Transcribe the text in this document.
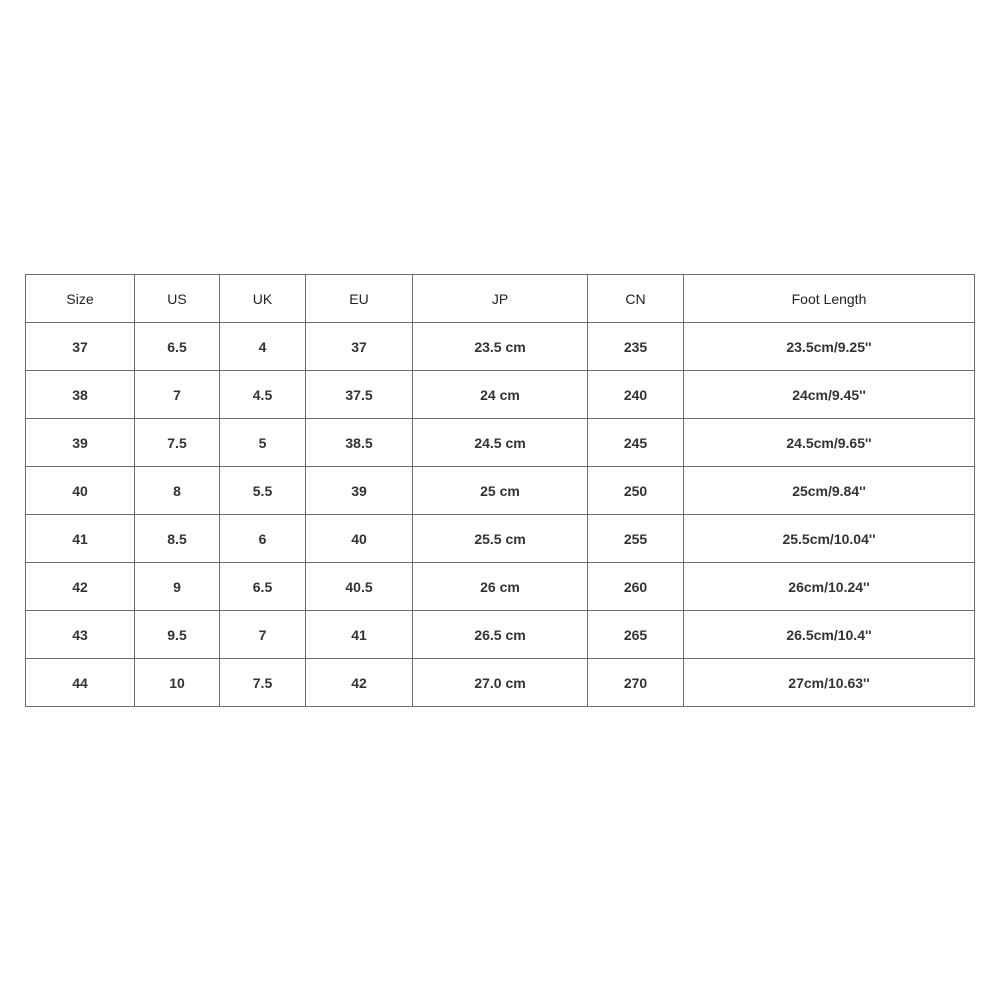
Size	US	UK	EU	JP	CN	Foot Length
37	6.5	4	37	23.5 cm	235	23.5cm/9.25''
38	7	4.5	37.5	24 cm	240	24cm/9.45''
39	7.5	5	38.5	24.5 cm	245	24.5cm/9.65''
40	8	5.5	39	25 cm	250	25cm/9.84''
41	8.5	6	40	25.5 cm	255	25.5cm/10.04''
42	9	6.5	40.5	26 cm	260	26cm/10.24''
43	9.5	7	41	26.5 cm	265	26.5cm/10.4''
44	10	7.5	42	27.0 cm	270	27cm/10.63''
